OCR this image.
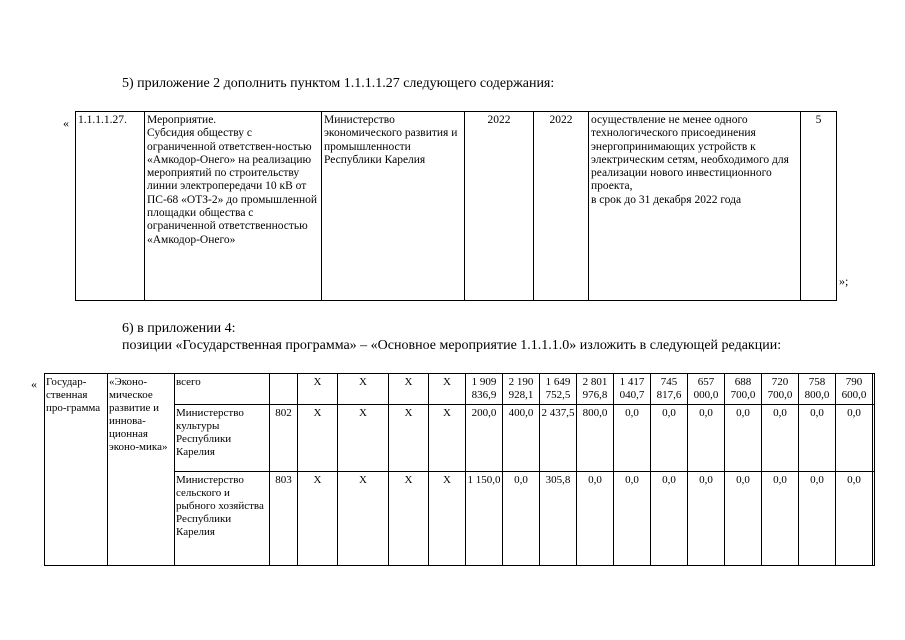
5) приложение 2 дополнить пунктом 1.1.1.1.27 следующего содержания:
«
»;
1.1.1.1.27.	Мероприятие.
Субсидия обществу с ограниченной ответствен-ностью «Амкодор-Онего» на реализацию мероприятий по строительству линии электропередачи 10 кВ от ПС-68 «ОТЗ-2» до промышленной площадки общества с ограниченной ответственностью «Амкодор-Онего»	Министерство экономического развития и промышленности Республики Карелия	2022	2022	осуществление не менее одного технологического присоединения энергопринимающих устройств к электрическим сетям, необходимого для реализации нового инвестиционного проекта,
в срок до 31 декабря 2022 года	5
6) в приложении 4:
позиции «Государственная программа» – «Основное мероприятие 1.1.1.1.0» изложить в следующей редакции:
« Государ-ственная про-грамма	«Эконо-мическое развитие и иннова-ционная эконо-мика»	всего		X	X	X	X	1 909 836,9	2 190 928,1	1 649 752,5	2 801 976,8	1 417 040,7	745 817,6	657 000,0	688 700,0	720 700,0	758 800,0	790 600,0	
		Министерство культуры Республики Карелия	802	X	X	X	X	200,0	400,0	2 437,5	800,0	0,0	0,0	0,0	0,0	0,0	0,0	0,0	
		Министерство сельского и рыбного хозяйства Республики Карелия	803	X	X	X	X	1 150,0	0,0	305,8	0,0	0,0	0,0	0,0	0,0	0,0	0,0	0,0	
